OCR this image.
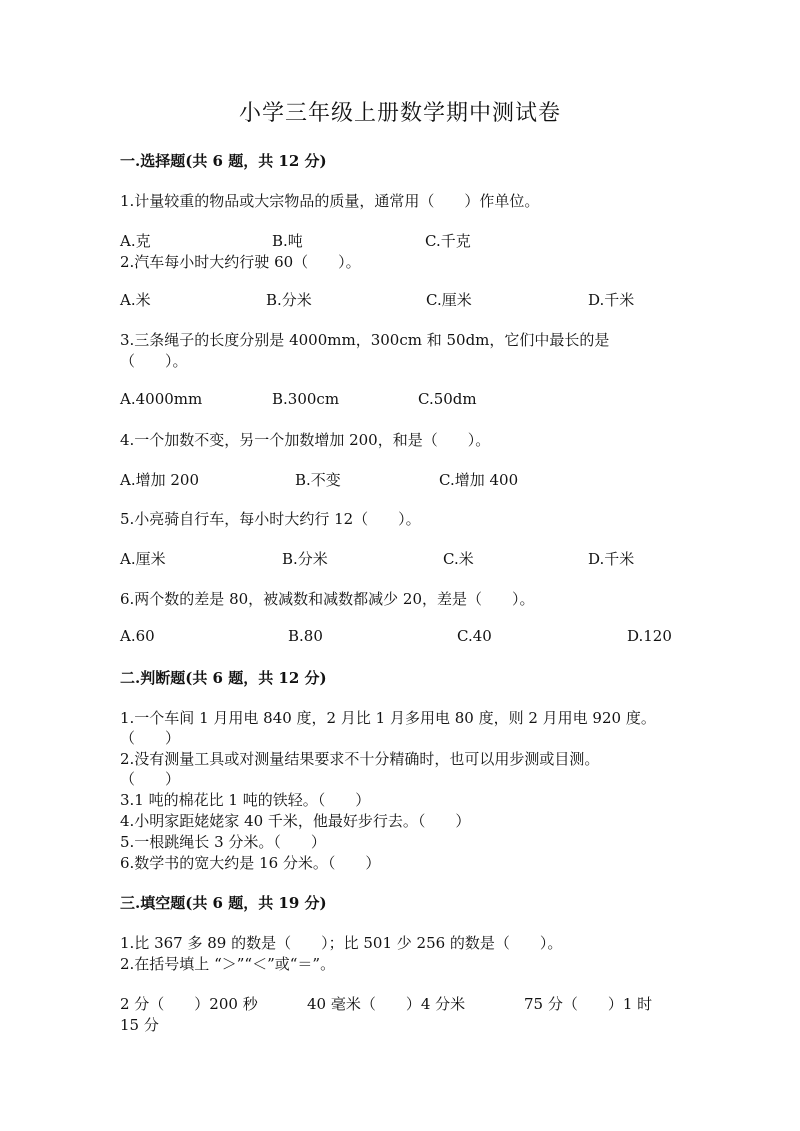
小学三年级上册数学期中测试卷
一.选择题(共 6 题，共 12 分)
1.计量较重的物品或大宗物品的质量，通常用（　　）作单位。
A.克	B.吨	C.千克
2.汽车每小时大约行驶 60（　　）。
A.米	B.分米	C.厘米	D.千米
3.三条绳子的长度分别是 4000mm，300cm 和 50dm，它们中最长的是
（　　）。
A.4000mm	B.300cm	C.50dm
4.一个加数不变，另一个加数增加 200，和是（　　）。
A.增加 200	B.不变	C.增加 400
5.小亮骑自行车，每小时大约行 12（　　）。
A.厘米	B.分米	C.米	D.千米
6.两个数的差是 80，被减数和减数都减少 20，差是（　　）。
A.60	B.80	C.40	D.120
二.判断题(共 6 题，共 12 分)
1.一个车间 1 月用电 840 度，2 月比 1 月多用电 80 度，则 2 月用电 920 度。
（　　）
2.没有测量工具或对测量结果要求不十分精确时，也可以用步测或目测。
（　　）
3.1 吨的棉花比 1 吨的铁轻。（　　）
4.小明家距姥姥家 40 千米，他最好步行去。（　　）
5.一根跳绳长 3 分米。（　　）
6.数学书的宽大约是 16 分米。（　　）
三.填空题(共 6 题，共 19 分)
1.比 367 多 89 的数是（　　）；比 501 少 256 的数是（　　）。
2.在括号填上 “＞”“＜”或“＝”。
2 分（　　）200 秒	40 毫米（　　）4 分米	75 分（　　）1 时
15 分
